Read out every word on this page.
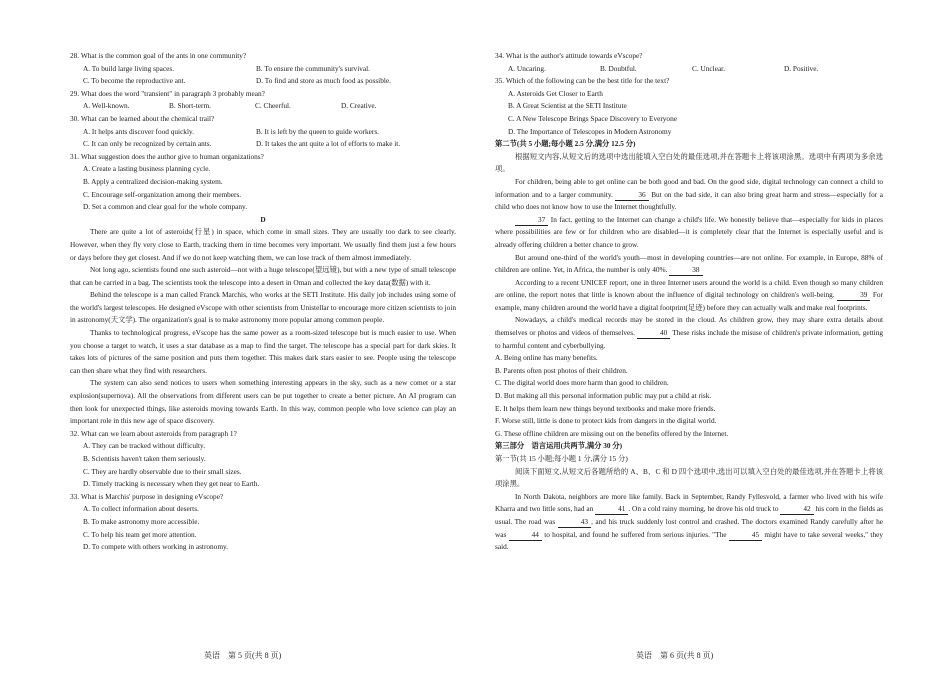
28. What is the common goal of the ants in one community?
A. To build large living spaces.	B. To ensure the community's survival.
C. To become the reproductive ant.	D. To find and store as much food as possible.
29. What does the word "transient" in paragraph 3 probably mean?
A. Well-known.	B. Short-term.	C. Cheerful.	D. Creative.
30. What can be learned about the chemical trail?
A. It helps ants discover food quickly.	B. It is left by the queen to guide workers.
C. It can only be recognized by certain ants.	D. It takes the ant quite a lot of efforts to make it.
31. What suggestion does the author give to human organizations?
A. Create a lasting business planning cycle.
B. Apply a centralized decision-making system.
C. Encourage self-organization among their members.
D. Set a common and clear goal for the whole company.
D

There are quite a lot of asteroids(行星) in space, which come in small sizes. They are usually too dark to see clearly. However, when they fly very close to Earth, tracking them in time becomes very important. We usually find them just a few hours or days before they get closest. And if we do not keep watching them, we can lose track of them almost immediately.

Not long ago, scientists found one such asteroid—not with a huge telescope(望远镜), but with a new type of small telescope that can be carried in a bag. The scientists took the telescope into a desert in Oman and collected the key data(数据) with it.

Behind the telescope is a man called Franck Marchis, who works at the SETI Institute. His daily job includes using some of the world's largest telescopes. He designed eVscope with other scientists from Unistellar to encourage more citizen scientists to join in astronomy(天文学). The organization's goal is to make astronomy more popular among common people.

Thanks to technological progress, eVscope has the same power as a room-sized telescope but is much easier to use. When you choose a target to watch, it uses a star database as a map to find the target. The telescope has a special part for dark skies. It takes lots of pictures of the same position and puts them together. This makes dark stars easier to see. People using the telescope can then share what they find with researchers.

The system can also send notices to users when something interesting appears in the sky, such as a new comet or a star explosion(supernova). All the observations from different users can be put together to create a better picture. An AI program can then look for unexpected things, like asteroids moving towards Earth. In this way, common people who love science can play an important role in this new age of space discovery.

32. What can we learn about asteroids from paragraph 1?
A. They can be tracked without difficulty.
B. Scientists haven't taken them seriously.
C. They are hardly observable due to their small sizes.
D. Timely tracking is necessary when they get near to Earth.
33. What is Marchis' purpose in designing eVscope?
A. To collect information about deserts.
B. To make astronomy more accessible.
C. To help his team get more attention.
D. To compete with others working in astronomy.
英语　第 5 页(共 8 页)
34. What is the author's attitude towards eVscope?
A. Uncaring.	B. Doubtful.	C. Unclear.	D. Positive.
35. Which of the following can be the best title for the text?
A. Asteroids Get Closer to Earth
B. A Great Scientist at the SETI Institute
C. A New Telescope Brings Space Discovery to Everyone
D. The Importance of Telescopes in Modern Astronomy
第二节(共 5 小题;每小题 2.5 分,满分 12.5 分)

根据短文内容,从短文后的选项中选出能填入空白处的最佳选项,并在答题卡上将该项涂黑。选项中有两项为多余选项。

For children, being able to get online can be both good and bad. On the good side, digital technology can connect a child to information and to a larger community.	36 But on the bad side, it can also bring great harm and stress—especially for a child who does not know how to use the Internet thoughtfully.

37 In fact, getting to the Internet can change a child's life. We honestly believe that—especially for kids in places where possibilities are few or for children who are disabled—it is completely clear that the Internet is especially useful and is already offering children a better chance to grow.

But around one-third of the world's youth—most in developing countries—are not online. For example, in Europe, 88% of children are online. Yet, in Africa, the number is only 40%.	38

According to a recent UNICEF report, one in three Internet users around the world is a child. Even though so many children are online, the report notes that little is known about the influence of digital technology on children's well-being.	39 For example, many children around the world have a digital footprint(足迹) before they can actually walk and make real footprints.

Nowadays, a child's medical records may be stored in the cloud. As children grow, they may share extra details about themselves or photos and videos of themselves.	40 These risks include the misuse of children's private information, getting to harmful content and cyberbullying.

A. Being online has many benefits.
B. Parents often post photos of their children.
C. The digital world does more harm than good to children.
D. But making all this personal information public may put a child at risk.
E. It helps them learn new things beyond textbooks and make more friends.
F. Worse still, little is done to protect kids from dangers in the digital world.
G. These offline children are missing out on the benefits offered by the Internet.
第三部分　语言运用(共两节,满分 30 分)
第一节(共 15 小题;每小题 1 分,满分 15 分)

阅读下面短文,从短文后各题所给的 A、B、C 和 D 四个选项中,选出可以填入空白处的最佳选项,并在答题卡上将该项涂黑。

In North Dakota, neighbors are more like family. Back in September, Randy Fyllesvold, a farmer who lived with his wife Kharra and two little sons, had an	41 . On a cold rainy morning, he drove his old truck to	42 his corn in the fields as usual. The road was	43 , and his truck suddenly lost control and crashed. The doctors examined Randy carefully after he was	44 to hospital, and found he suffered from serious injuries. "The	45 might have to take several weeks," they said.

英语　第 6 页(共 8 页)
